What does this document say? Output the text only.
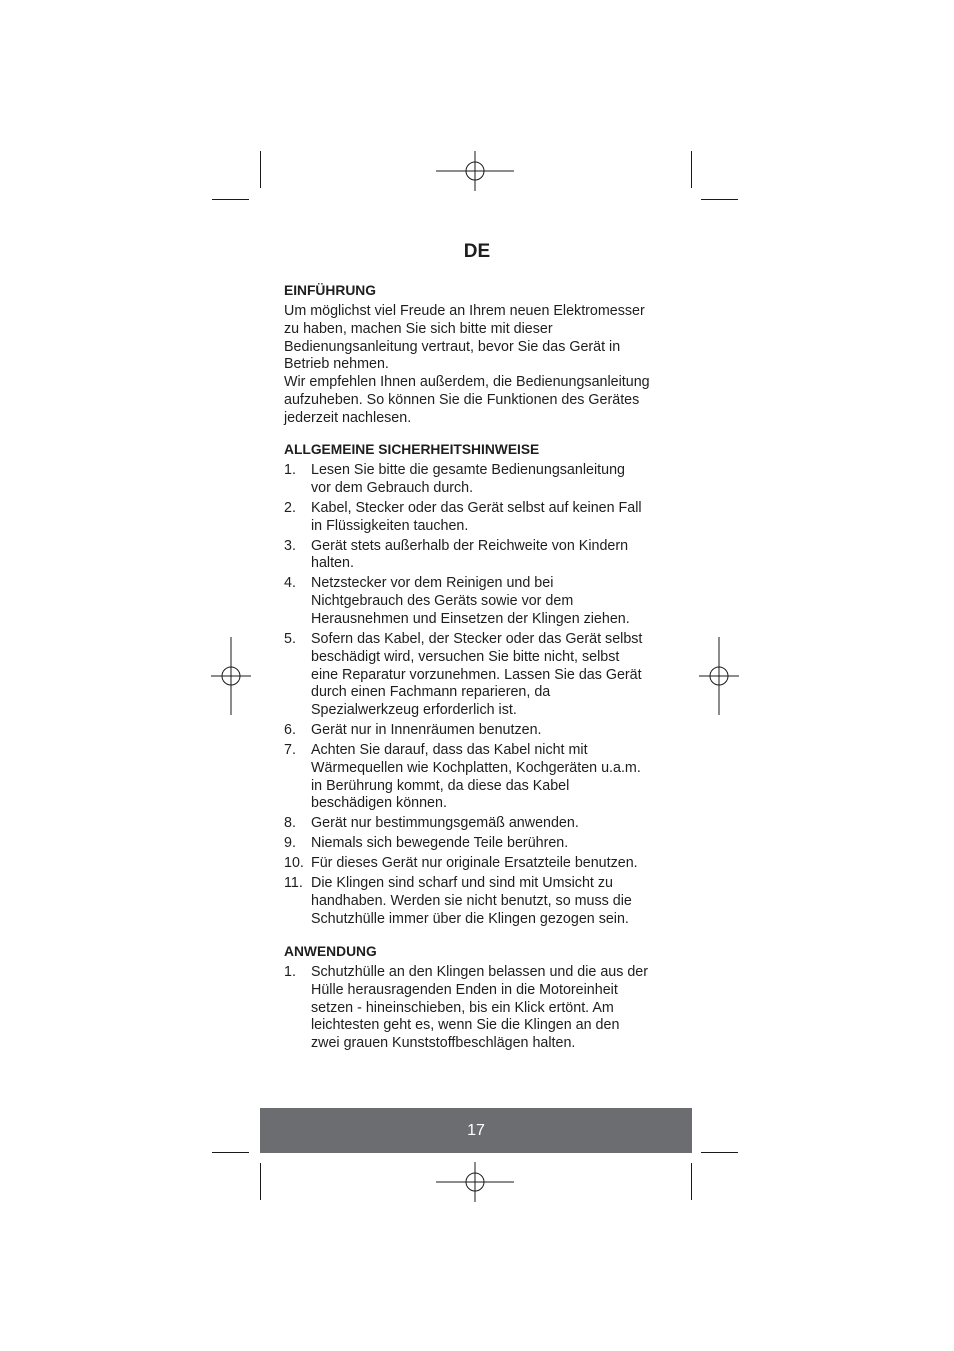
DE
EINFÜHRUNG
Um möglichst viel Freude an Ihrem neuen Elektromesser
zu haben, machen Sie sich bitte mit dieser
Bedienungsanleitung vertraut, bevor Sie das Gerät in
Betrieb nehmen.
Wir empfehlen Ihnen außerdem, die Bedienungsanleitung
aufzuheben. So können Sie die Funktionen des Gerätes
jederzeit nachlesen.
ALLGEMEINE SICHERHEITSHINWEISE
1.	Lesen Sie bitte die gesamte Bedienungsanleitung
vor dem Gebrauch durch.
2.	Kabel, Stecker oder das Gerät selbst auf keinen Fall
in Flüssigkeiten tauchen.
3.	Gerät stets außerhalb der Reichweite von Kindern
halten.
4.	Netzstecker vor dem Reinigen und bei
Nichtgebrauch des Geräts sowie vor dem
Herausnehmen und Einsetzen der Klingen ziehen.
5.	Sofern das Kabel, der Stecker oder das Gerät selbst
beschädigt wird, versuchen Sie bitte nicht, selbst
eine Reparatur vorzunehmen. Lassen Sie das Gerät
durch einen Fachmann reparieren, da
Spezialwerkzeug erforderlich ist.
6.	Gerät nur in Innenräumen benutzen.
7.	Achten Sie darauf, dass das Kabel nicht mit
Wärmequellen wie Kochplatten, Kochgeräten u.a.m.
in Berührung kommt, da diese das Kabel
beschädigen können.
8.	Gerät nur bestimmungsgemäß anwenden.
9.	Niemals sich bewegende Teile berühren.
10. Für dieses Gerät nur originale Ersatzteile benutzen.
11. Die Klingen sind scharf und sind mit Umsicht zu
handhaben. Werden sie nicht benutzt, so muss die
Schutzhülle immer über die Klingen gezogen sein.
ANWENDUNG
1.	Schutzhülle an den Klingen belassen und die aus der
Hülle herausragenden Enden in die Motoreinheit
setzen - hineinschieben, bis ein Klick ertönt. Am
leichtesten geht es, wenn Sie die Klingen an den
zwei grauen Kunststoffbeschlägen halten.
17
